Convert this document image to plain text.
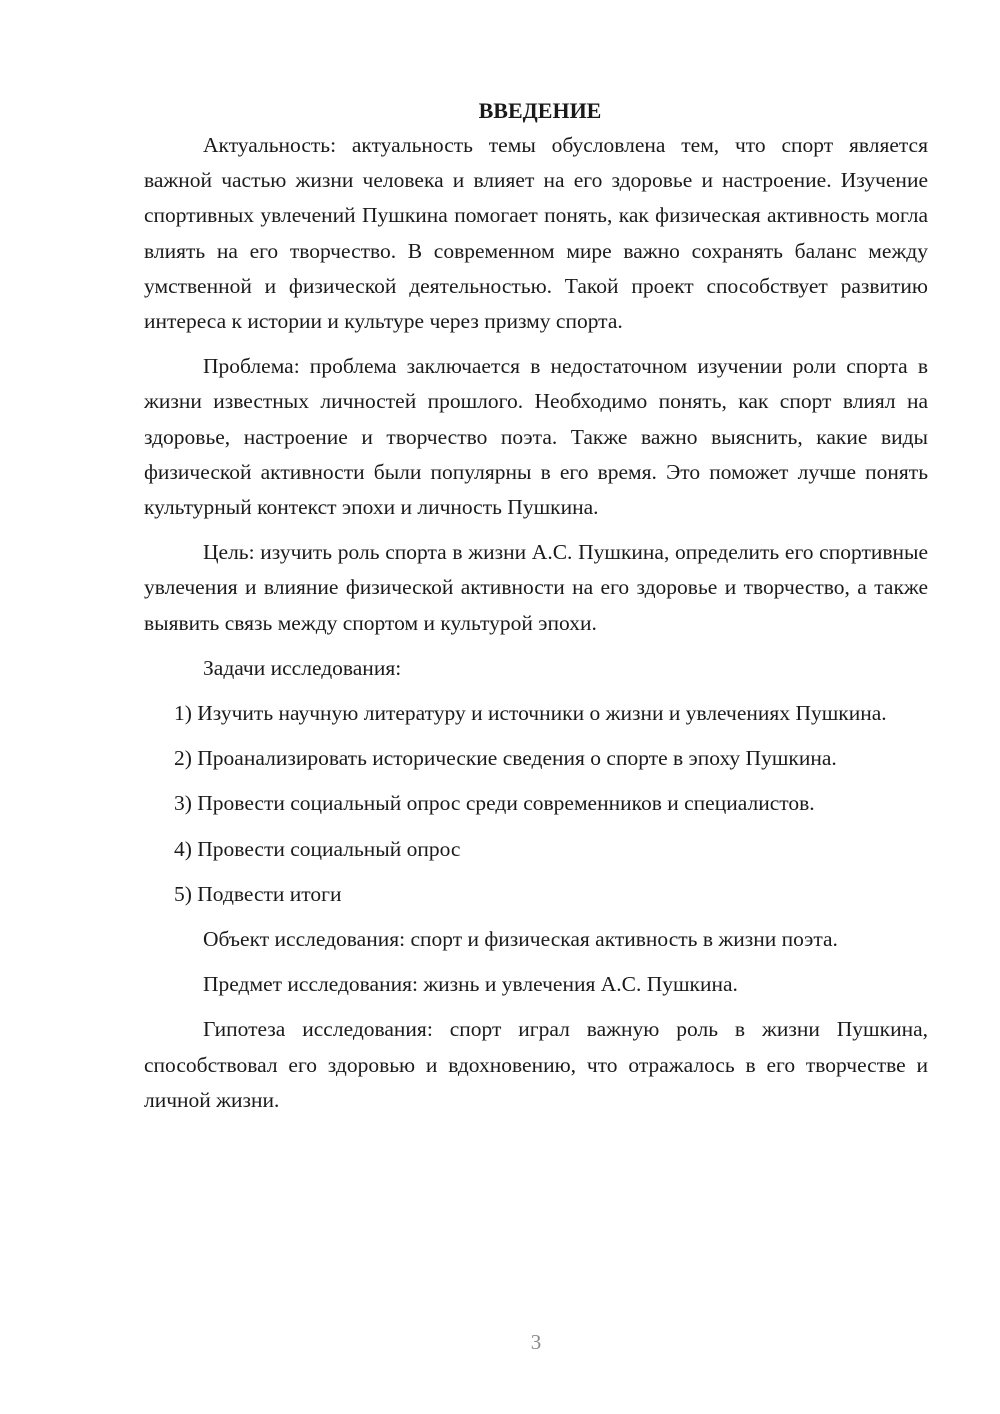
ВВЕДЕНИЕ

Актуальность: актуальность темы обусловлена тем, что спорт является важной частью жизни человека и влияет на его здоровье и настроение. Изучение спортивных увлечений Пушкина помогает понять, как физическая активность могла влиять на его творчество. В современном мире важно сохранять баланс между умственной и физической деятельностью. Такой проект способствует развитию интереса к истории и культуре через призму спорта.

Проблема: проблема заключается в недостаточном изучении роли спорта в жизни известных личностей прошлого. Необходимо понять, как спорт влиял на здоровье, настроение и творчество поэта. Также важно выяснить, какие виды физической активности были популярны в его время. Это поможет лучше понять культурный контекст эпохи и личность Пушкина.

Цель: изучить роль спорта в жизни А.С. Пушкина, определить его спортивные увлечения и влияние физической активности на его здоровье и творчество, а также выявить связь между спортом и культурой эпохи.

Задачи исследования:

1) Изучить научную литературу и источники о жизни и увлечениях Пушкина.

2) Проанализировать исторические сведения о спорте в эпоху Пушкина.

3) Провести социальный опрос среди современников и специалистов.

4) Провести социальный опрос

5) Подвести итоги

Объект исследования: спорт и физическая активность в жизни поэта.

Предмет исследования: жизнь и увлечения А.С. Пушкина.

Гипотеза исследования: спорт играл важную роль в жизни Пушкина, способствовал его здоровью и вдохновению, что отражалось в его творчестве и личной жизни.

3
